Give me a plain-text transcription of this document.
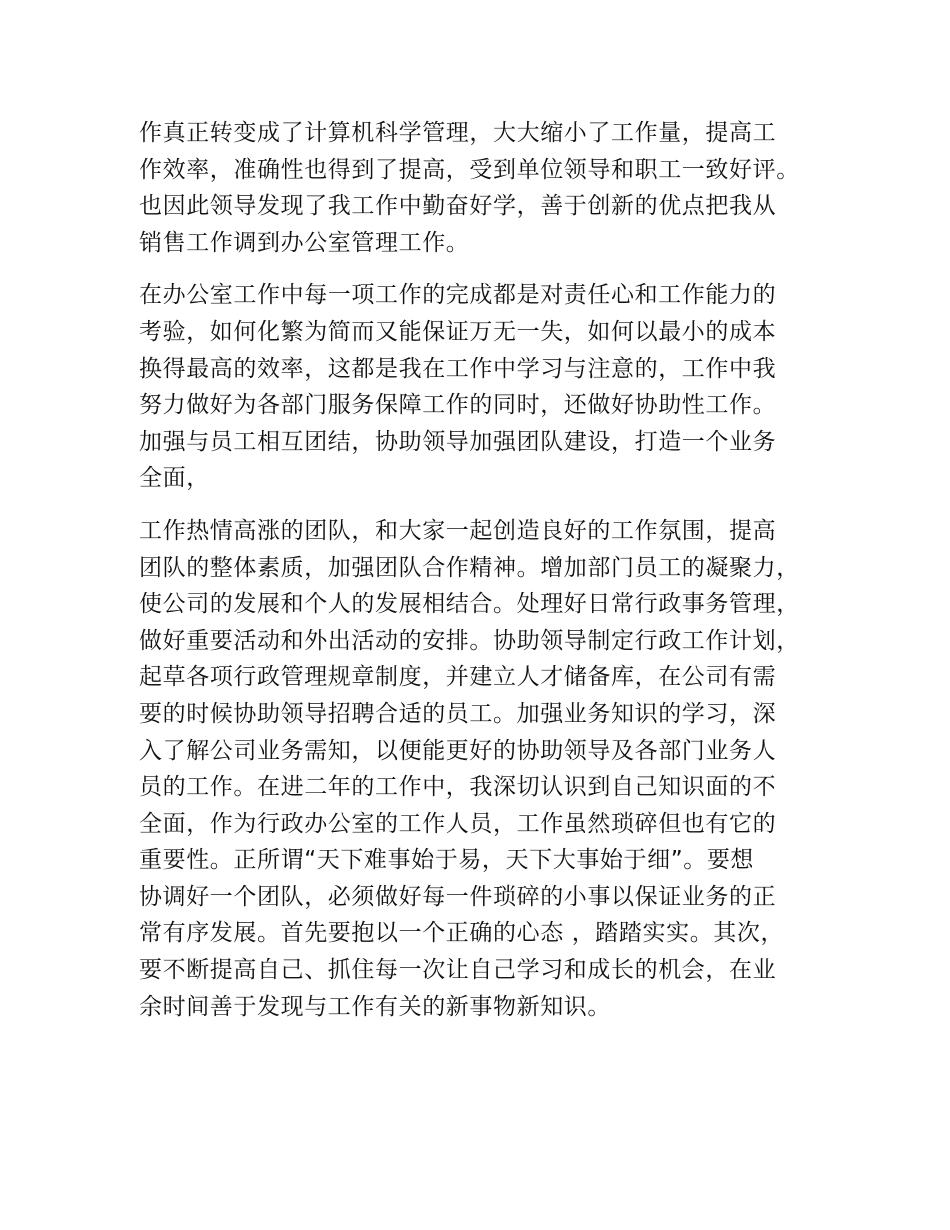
作真正转变成了计算机科学管理，大大缩小了工作量，提高工
作效率，准确性也得到了提高，受到单位领导和职工一致好评。
也因此领导发现了我工作中勤奋好学，善于创新的优点把我从
销售工作调到办公室管理工作。
在办公室工作中每一项工作的完成都是对责任心和工作能力的
考验，如何化繁为简而又能保证万无一失，如何以最小的成本
换得最高的效率，这都是我在工作中学习与注意的，工作中我
努力做好为各部门服务保障工作的同时，还做好协助性工作。
加强与员工相互团结，协助领导加强团队建设，打造一个业务
全面，
工作热情高涨的团队，和大家一起创造良好的工作氛围，提高
团队的整体素质，加强团队合作精神。增加部门员工的凝聚力，
使公司的发展和个人的发展相结合。处理好日常行政事务管理，
做好重要活动和外出活动的安排。协助领导制定行政工作计划，
起草各项行政管理规章制度，并建立人才储备库，在公司有需
要的时候协助领导招聘合适的员工。加强业务知识的学习，深
入了解公司业务需知，以便能更好的协助领导及各部门业务人
员的工作。在进二年的工作中，我深切认识到自己知识面的不
全面，作为行政办公室的工作人员，工作虽然琐碎但也有它的
重要性。正所谓“天下难事始于易，天下大事始于细”。要想
协调好一个团队，必须做好每一件琐碎的小事以保证业务的正
常有序发展。首先要抱以一个正确的心态 ，踏踏实实。其次，
要不断提高自己、抓住每一次让自己学习和成长的机会，在业
余时间善于发现与工作有关的新事物新知识。
